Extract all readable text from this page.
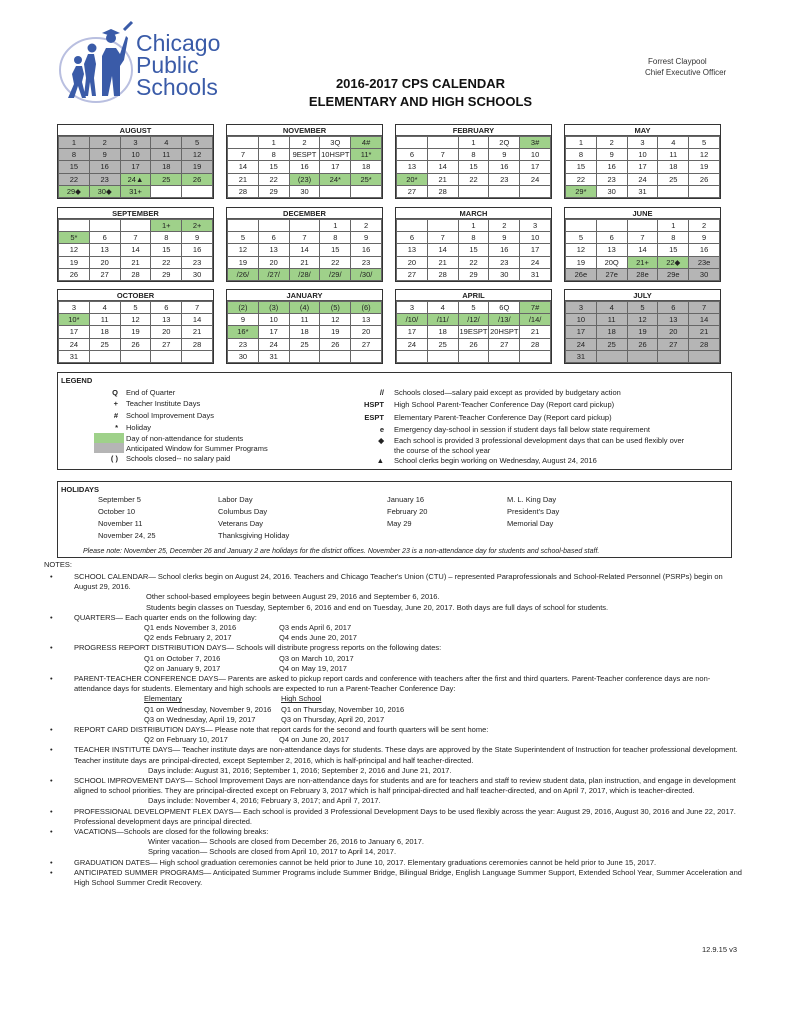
Chicago
Public
Schools
Forrest Claypool
Chief Executive Officer
2016-2017 CPS CALENDAR
ELEMENTARY AND HIGH SCHOOLS
AUGUST
1	2	3	4	5
8	9	10	11	12
15	16	17	18	19
22	23	24▲	25	26
29◆	30◆	31+		
NOVEMBER
	1	2	3Q	4#
7	8	9ESPT	10HSPT	11*
14	15	16	17	18
21	22	(23)	24*	25*
28	29	30		
FEBRUARY
		1	2Q	3#
6	7	8	9	10
13	14	15	16	17
20*	21	22	23	24
27	28			
MAY
1	2	3	4	5
8	9	10	11	12
15	16	17	18	19
22	23	24	25	26
29*	30	31		
SEPTEMBER
			1+	2+
5*	6	7	8	9
12	13	14	15	16
19	20	21	22	23
26	27	28	29	30
DECEMBER
			1	2
5	6	7	8	9
12	13	14	15	16
19	20	21	22	23
/26/	/27/	/28/	/29/	/30/
MARCH
		1	2	3
6	7	8	9	10
13	14	15	16	17
20	21	22	23	24
27	28	29	30	31
JUNE
			1	2
5	6	7	8	9
12	13	14	15	16
19	20Q	21+	22◆	23e
26e	27e	28e	29e	30
OCTOBER
3	4	5	6	7
10*	11	12	13	14
17	18	19	20	21
24	25	26	27	28
31				
JANUARY
(2)	(3)	(4)	(5)	(6)
9	10	11	12	13
16*	17	18	19	20
23	24	25	26	27
30	31			
APRIL
3	4	5	6Q	7#
/10/	/11/	/12/	/13/	/14/
17	18	19ESPT	20HSPT	21
24	25	26	27	28

JULY
3	4	5	6	7
10	11	12	13	14
17	18	19	20	21
24	25	26	27	28
31				
LEGEND
Q	End of Quarter
+	Teacher Institute Days
#	School Improvement Days
*	Holiday
Day of non-attendance for students
Anticipated Window for Summer Programs
( )	Schools closed-- no salary paid
//	Schools closed—salary paid except as provided by budgetary action
HSPT	High School Parent-Teacher Conference Day (Report card pickup)
ESPT	Elementary Parent-Teacher Conference Day (Report card pickup)
e	Emergency day-school in session if student days fall below state requirement
◆	Each school is provided 3 professional development days that can be used flexibly over
the course of the school year
▲	School clerks begin working on Wednesday, August 24, 2016
HOLIDAYS
September 5	Labor Day
October 10	Columbus Day
November 11	Veterans Day
November 24, 25	Thanksgiving Holiday
January 16	M. L. King Day
February 20	President's Day
May 29	Memorial Day
Please note: November 25, December 26 and January 2 are holidays for the district offices. November 23 is a non-attendance day for students and school-based staff.
NOTES:
•	SCHOOL CALENDAR— School clerks begin on August 24, 2016. Teachers and Chicago Teacher's Union (CTU) – represented Paraprofessionals and School-Related Personnel (PSRPs) begin on August 29, 2016.
Other school-based employees begin between August 29, 2016 and September 6, 2016.
Students begin classes on Tuesday, September 6, 2016 and end on Tuesday, June 20, 2017. Both days are full days of school for students.
•	QUARTERS— Each quarter ends on the following day:
Q1 ends November 3, 2016	Q3 ends April 6, 2017
Q2 ends February 2, 2017	Q4 ends June 20, 2017
•	PROGRESS REPORT DISTRIBUTION DAYS— Schools will distribute progress reports on the following dates:
Q1 on October 7, 2016	Q3 on March 10, 2017
Q2 on January 9, 2017	Q4 on May 19, 2017
•	PARENT-TEACHER CONFERENCE DAYS— Parents are asked to pickup report cards and conference with teachers after the first and third quarters. Parent-Teacher conference days are non-attendance days for students. Elementary and high schools are expected to run a Parent-Teacher Conference Day:
Elementary	High School
Q1 on Wednesday, November 9, 2016	Q1 on Thursday, November 10, 2016
Q3 on Wednesday, April 19, 2017	Q3 on Thursday, April 20, 2017
•	REPORT CARD DISTRIBUTION DAYS— Please note that report cards for the second and fourth quarters will be sent home:
Q2 on February 10, 2017	Q4 on June 20, 2017
•	TEACHER INSTITUTE DAYS— Teacher institute days are non-attendance days for students. These days are approved by the State Superintendent of Instruction for teacher professional development. Teacher institute days are principal-directed, except September 2, 2016, which is half-principal and half teacher-directed.
Days include: August 31, 2016; September 1, 2016; September 2, 2016 and June 21, 2017.
•	SCHOOL IMPROVEMENT DAYS— School Improvement Days are non-attendance days for students and are for teachers and staff to review student data, plan instruction, and engage in development aligned to school priorities. They are principal-directed except on February 3, 2017 which is half principal-directed and half teacher-directed, and on April 7, 2017, which is teacher-directed.
Days include: November 4, 2016; February 3, 2017; and April 7, 2017.
•	PROFESSIONAL DEVELOPMENT FLEX DAYS— Each school is provided 3 Professional Development Days to be used flexibly across the year: August 29, 2016, August 30, 2016 and June 22, 2017. Professional development days are principal directed.
•	VACATIONS—Schools are closed for the following breaks:
Winter vacation— Schools are closed from December 26, 2016 to January 6, 2017.
Spring vacation— Schools are closed from April 10, 2017 to April 14, 2017.
•	GRADUATION DATES— High school graduation ceremonies cannot be held prior to June 10, 2017. Elementary graduations ceremonies cannot be held prior to June 15, 2017.
•	ANTICIPATED SUMMER PROGRAMS— Anticipated Summer Programs include Summer Bridge, Bilingual Bridge, English Language Summer Support, Extended School Year, Summer Acceleration and High School Summer Credit Recovery.
12.9.15 v3
